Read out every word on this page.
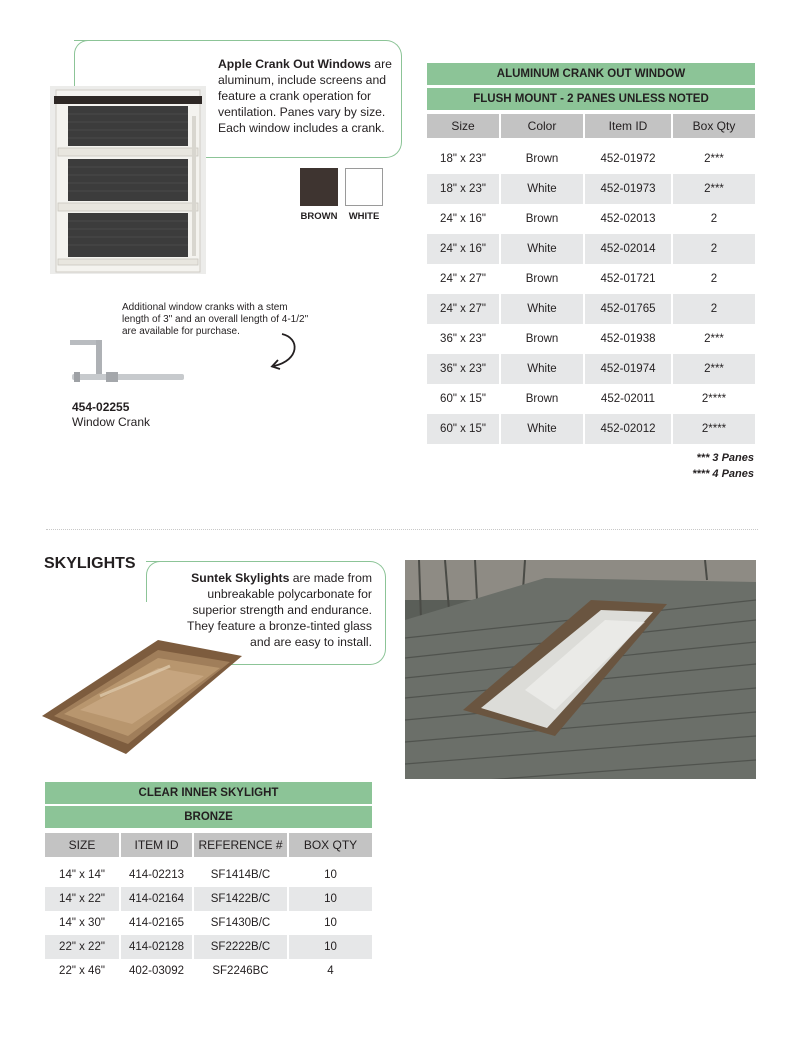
Apple Crank Out Windows are aluminum, include screens and feature a crank operation for ventilation. Panes vary by size. Each window includes a crank.
BROWN	WHITE
Additional window cranks with a stem length of 3" and an overall length of 4-1/2" are available for purchase.
454-02255
Window Crank
ALUMINUM CRANK OUT WINDOW
FLUSH MOUNT - 2 PANES UNLESS NOTED
Size	Color	Item ID	Box Qty

18" x 23"	Brown	452-01972	2***
18" x 23"	White	452-01973	2***
24" x 16"	Brown	452-02013	2
24" x 16"	White	452-02014	2
24" x 27"	Brown	452-01721	2
24" x 27"	White	452-01765	2
36" x 23"	Brown	452-01938	2***
36" x 23"	White	452-01974	2***
60" x 15"	Brown	452-02011	2****
60" x 15"	White	452-02012	2****
*** 3 Panes
**** 4 Panes
SKYLIGHTS
Suntek Skylights are made from unbreakable polycarbonate for superior strength and endurance. They feature a bronze-tinted glass and are easy to install.
CLEAR INNER SKYLIGHT
BRONZE
SIZE	ITEM ID	REFERENCE #	BOX QTY

14" x 14"	414-02213	SF1414B/C	10
14" x 22"	414-02164	SF1422B/C	10
14" x 30"	414-02165	SF1430B/C	10
22" x 22"	414-02128	SF2222B/C	10
22" x 46"	402-03092	SF2246BC	4
